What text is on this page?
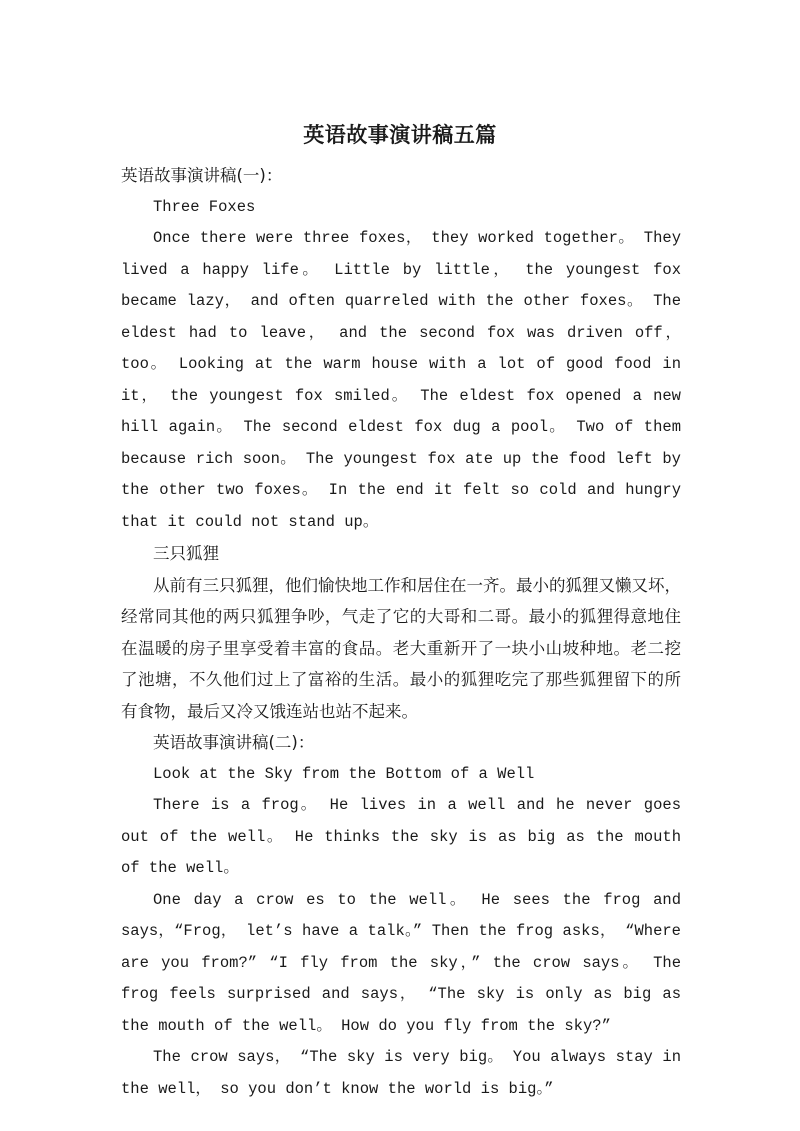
英语故事演讲稿五篇

英语故事演讲稿(一)：

Three Foxes

Once there were three foxes， they worked together。 They lived a happy life。 Little by little， the youngest fox became lazy， and often quarreled with the other foxes。 The eldest had to leave， and the second fox was driven off， too。 Looking at the warm house with a lot of good food in it， the youngest fox smiled。 The eldest fox opened a new hill again。 The second eldest fox dug a pool。 Two of them because rich soon。 The youngest fox ate up the food left by the other two foxes。 In the end it felt so cold and hungry that it could not stand up。

三只狐狸

从前有三只狐狸，他们愉快地工作和居住在一齐。最小的狐狸又懒又坏，经常同其他的两只狐狸争吵，气走了它的大哥和二哥。最小的狐狸得意地住在温暖的房子里享受着丰富的食品。老大重新开了一块小山坡种地。老二挖了池塘，不久他们过上了富裕的生活。最小的狐狸吃完了那些狐狸留下的所有食物，最后又冷又饿连站也站不起来。

英语故事演讲稿(二)：

Look at the Sky from the Bottom of a Well

There is a frog。 He lives in a well and he never goes out of the well。 He thinks the sky is as big as the mouth of the well。

One day a crow es to the well。 He sees the frog and says，“Frog， let’s have a talk。” Then the frog asks， “Where are you from?” “I fly from the sky，” the crow says。 The frog feels surprised and says， “The sky is only as big as the mouth of the well。 How do you fly from the sky?”

The crow says， “The sky is very big。 You always stay in the well， so you don’t know the world is big。”
